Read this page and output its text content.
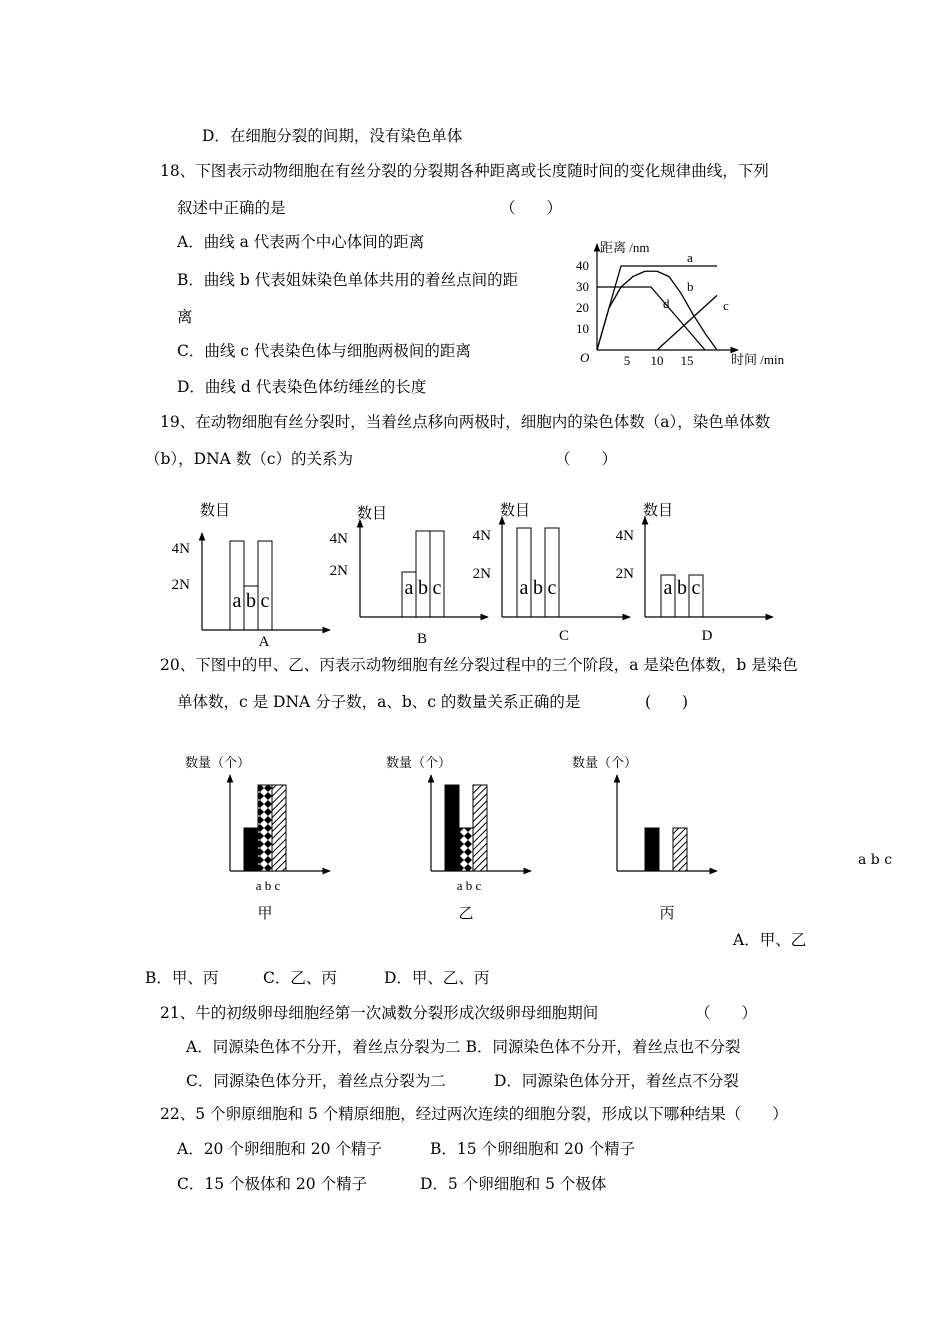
D．在细胞分裂的间期，没有染色单体
18、下图表示动物细胞在有丝分裂的分裂期各种距离或长度随时间的变化规律曲线，下列
叙述中正确的是	（　　）
A．曲线 a 代表两个中心体间的距离
B．曲线 b 代表姐妹染色单体共用的着丝点间的距
离
C．曲线 c 代表染色体与细胞两极间的距离
D．曲线 d 代表染色体纺缍丝的长度
19、在动物细胞有丝分裂时，当着丝点移向两极时，细胞内的染色体数（a），染色单体数
（b），DNA 数（c）的关系为	（　　）
20、下图中的甲、乙、丙表示动物细胞有丝分裂过程中的三个阶段，a 是染色体数，b 是染色
单体数，c 是 DNA 分子数，a、b、c 的数量关系正确的是	(　　)
a b c
A．甲、乙
B．甲、丙	C．乙、丙	D．甲、乙、丙
21、牛的初级卵母细胞经第一次减数分裂形成次级卵母细胞期间	（　　）
A．同源染色体不分开，着丝点分裂为二 B．同源染色体不分开，着丝点也不分裂
C．同源染色体分开，着丝点分裂为二	D．同源染色体分开，着丝点不分裂
22、5 个卵原细胞和 5 个精原细胞，经过两次连续的细胞分裂，形成以下哪种结果（　　）
A．20 个卵细胞和 20 个精子	B．15 个卵细胞和 20 个精子
C．15 个极体和 20 个精子	D．5 个卵细胞和 5 个极体
距离 /nm
时间 /min
O	5 10 15
10
20
30
40
a
b
c
d
数目
4N
2N
a b c
A
数目
4N
2N
a b c
B
数目
4N
2N
a b c
C
数目
4N
2N
a b c
D
数量（个）
a b c
甲
数量（个）
a b c
乙
数量（个）
丙
